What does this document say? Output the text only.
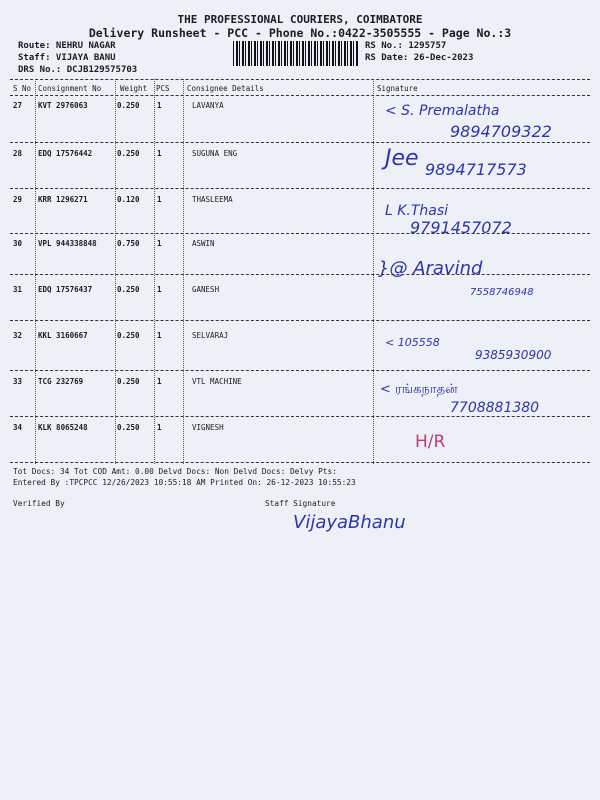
THE PROFESSIONAL COURIERS, COIMBATORE
Delivery Runsheet - PCC - Phone No.:0422-3505555 - Page No.:3
Route: NEHRU NAGAR
Staff: VIJAYA BANU
DRS No.: DCJB129575703
RS No.: 1295757
RS Date: 26-Dec-2023
S No Consignment No	Weight PCS Consignee Details	Signature
27 KVT 2976063	0.250 1	LAVANYA	< S. Premalatha
9894709322
28 EDQ 17576442	0.250 1	SUGUNA ENG	Jee 9894717573
29 KRR 1296271	0.120 1	THASLEEMA
L K.Thasi
9791457072
30 VPL 944338848	0.750 1	ASWIN
}@ Aravind
7558746948
31 EDQ 17576437	0.250 1	GANESH
32 KKL 3160667	0.250 1	SELVARAJ
< 105558
9385930900
33 TCG 232769	0.250 1	VTL MACHINE
< ரங்கநாதன்
7708881380
34 KLK 8065248	0.250 1	VIGNESH
H/R
Tot Docs: 34 Tot COD Amt: 0.00 Delvd Docs: Non Delvd Docs: Delvy Pts:
Entered By :TPCPCC 12/26/2023 10:55:18 AM Printed On: 26-12-2023 10:55:23
Verified By	Staff Signature
VijayaBhanu
